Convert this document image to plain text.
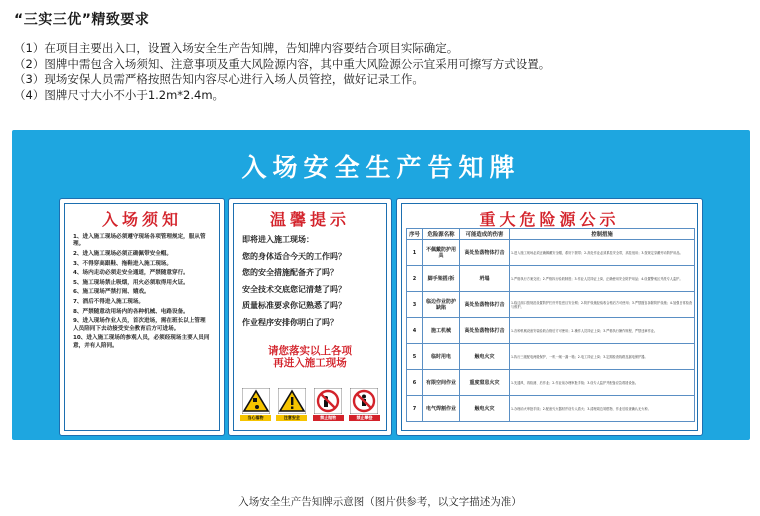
“三实三优”精致要求
（1）在项目主要出入口，设置入场安全生产告知牌，告知牌内容要结合项目实际确定。
（2）图牌中需包含入场须知、注意事项及重大风险源内容，其中重大风险源公示宜采用可擦写方式设置。
（3）现场安保人员需严格按照告知内容尽心进行入场人员管控，做好记录工作。
（4）图牌尺寸大小不小于1.2m*2.4m。
入场安全生产告知牌
入场须知
1、进入施工现场必须遵守现场各项管理规定，服从管理。
2、进入施工现场必须正确佩带安全帽。
3、不得穿高跟鞋、拖鞋进入施工现场。
4、场内走动必须走安全通道，严禁随意穿行。
5、施工现场禁止吸烟，用火必须取得用火证。
6、施工现场严禁打闹、嬉戏。
7、酒后不得进入施工现场。
8、严禁随意动用场内的各种机械、电路设备。
9、进入现场作业人员，首次进场，需在班长以上管理人员陪同下去动接受安全教育后方可进场。
10、进入施工现场的参观人员，必须经现场主要人员同意，并有人陪同。
温馨提示
即将进入施工现场：
您的身体适合今天的工作吗？
您的安全措施配备齐了吗？
安全技术交底您记清楚了吗？
质量标准要求你记熟悉了吗？
作业程序安排你明白了吗？
请您落实以上各项
再进入施工现场
当心落物	注意安全	禁止抛物	禁止攀登
重大危险源公示
序号	危险源名称	可能造成的伤害	控制措施
1	不佩戴防护用具	高处坠落物体打击	1.进入施工现场必须正确佩戴安全帽，系好下颌带；2.高处作业必须系挂安全带，高挂低用；3.按规定穿戴劳动防护用品。
2	脚手架搭/拆	坍塌	1.严格执行方案交底；2.严格执行验收制度；3.作业人员持证上岗，正确使用安全防护用品；4.设置警戒区并派专人监护。
3	临边作业防护缺陷	高处坠落物体打击	1.临边洞口按规范设置防护栏杆并挂密目安全网；2.防护设施经验收合格后方可使用；3.严禁擅自拆除防护设施；4.加强日常检查与维护。
4	施工机械	高处坠落物体打击	1.各种机械设备安装验收合格后方可使用；2.操作人员持证上岗；3.严格执行操作规程，严禁违章作业。
5	临时用电	触电火灾	1.执行三级配电两级保护，一机一闸一漏一箱；2.电工持证上岗；3.定期检查线路及漏电保护器。
6	有限空间作业	重度窒息火灾	1.先通风、再检测、后作业；2.作业前办理审批手续；3.设专人监护并配备应急救援设备。
7	电气焊割作业	触电火灾	1.办理动火审批手续；2.配备灭火器材并设专人看火；3.清理周边易燃物，作业后检查确认无火种。
入场安全生产告知牌示意图（图片供参考，以文字描述为准）
